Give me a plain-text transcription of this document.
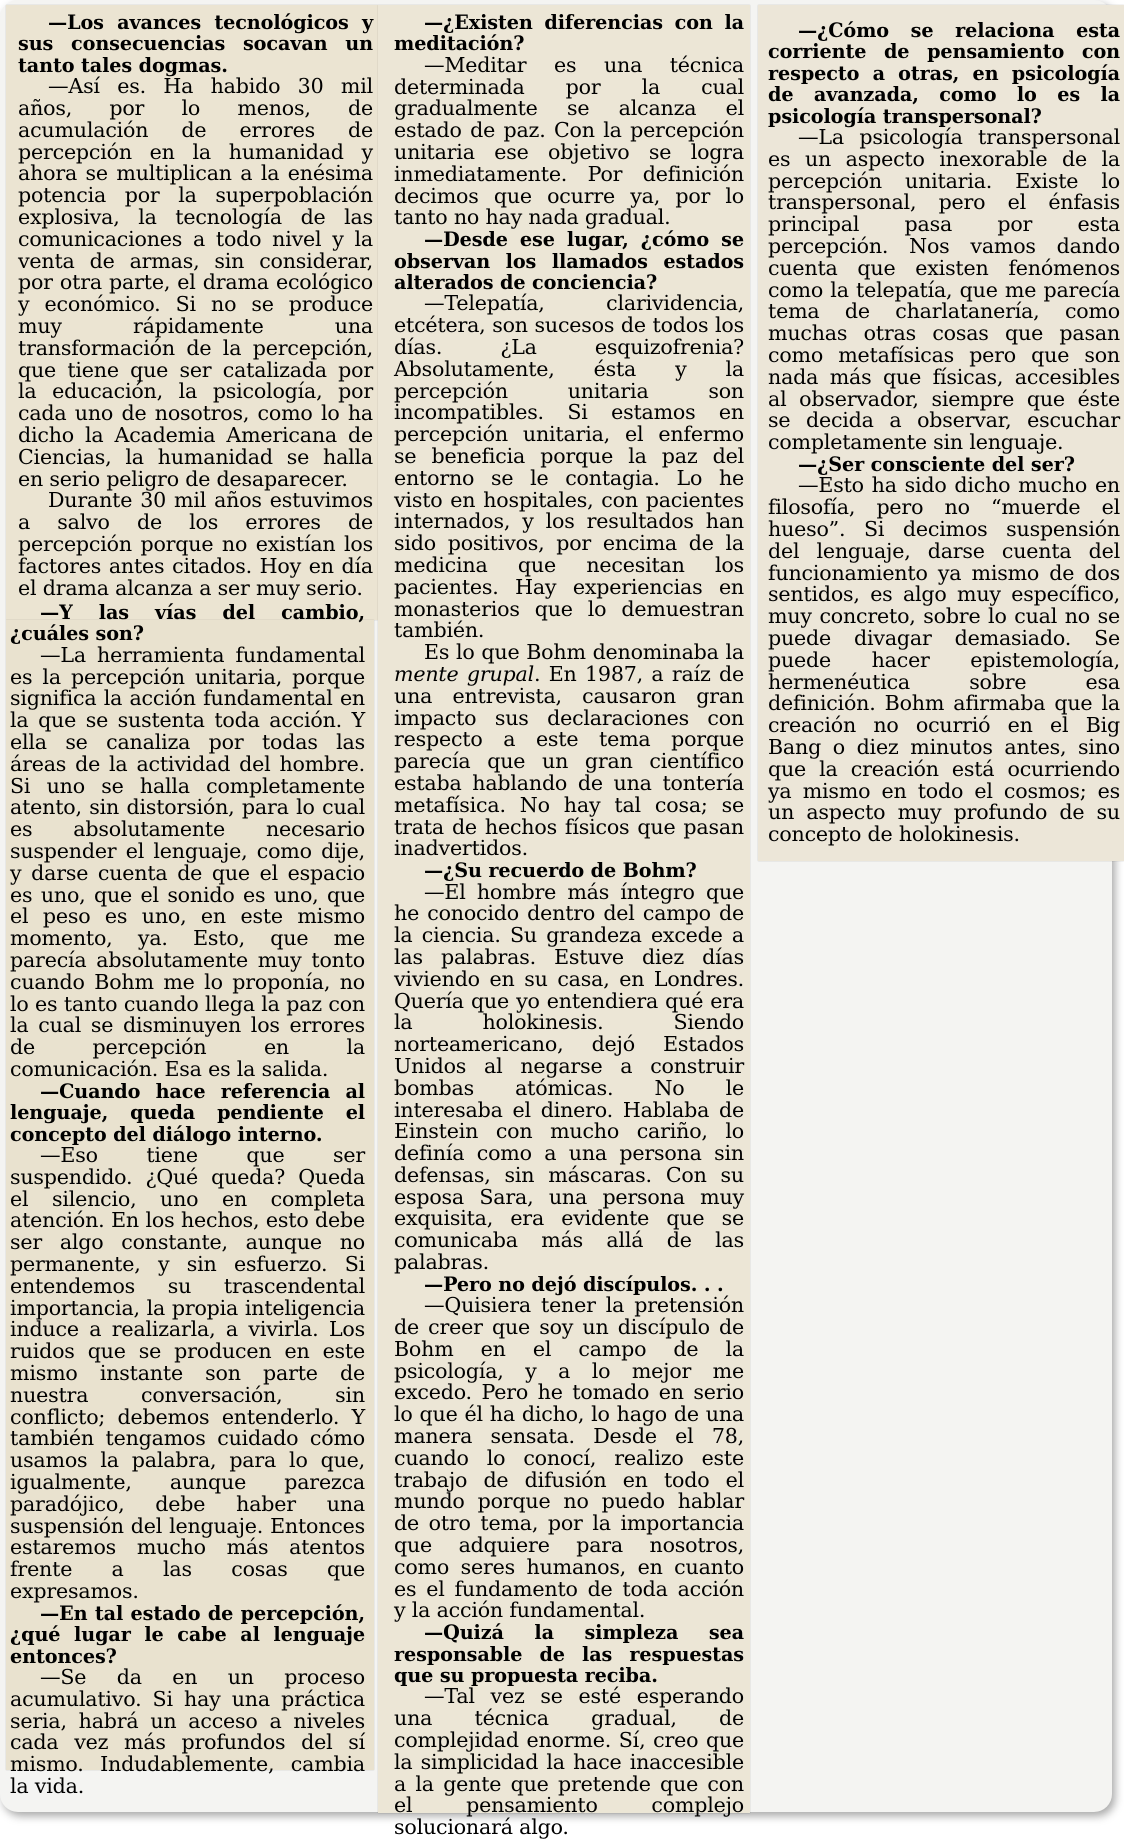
—Los avances tecnológicos y sus consecuencias socavan un tanto tales dogmas.

—Así es. Ha habido 30 mil años, por lo menos, de acumulación de errores de percepción en la humanidad y ahora se multiplican a la enésima potencia por la superpoblación explosiva, la tecnología de las comunicaciones a todo nivel y la venta de armas, sin considerar, por otra parte, el drama ecológico y económico. Si no se produce muy rápidamente una transformación de la percepción, que tiene que ser catalizada por la educación, la psicología, por cada uno de nosotros, como lo ha dicho la Academia Americana de Ciencias, la humanidad se halla en serio peligro de desaparecer.

Durante 30 mil años estuvimos a salvo de los errores de percepción porque no existían los factores antes citados. Hoy en día el drama alcanza a ser muy serio.

—Y las vías del cambio, ¿cuáles son?

—La herramienta fundamental es la percepción unitaria, porque significa la acción fundamental en la que se sustenta toda acción. Y ella se canaliza por todas las áreas de la actividad del hombre. Si uno se halla completamente atento, sin distorsión, para lo cual es absolutamente necesario suspender el lenguaje, como dije, y darse cuenta de que el espacio es uno, que el sonido es uno, que el peso es uno, en este mismo momento, ya. Esto, que me parecía absolutamente muy tonto cuando Bohm me lo proponía, no lo es tanto cuando llega la paz con la cual se disminuyen los errores de percepción en la comunicación. Esa es la salida.

—Cuando hace referencia al lenguaje, queda pendiente el concepto del diálogo interno.

—Eso tiene que ser suspendido. ¿Qué queda? Queda el silencio, uno en completa atención. En los hechos, esto debe ser algo constante, aunque no permanente, y sin esfuerzo. Si entendemos su trascendental importancia, la propia inteligencia induce a realizarla, a vivirla. Los ruidos que se producen en este mismo instante son parte de nuestra conversación, sin conflicto; debemos entenderlo. Y también tengamos cuidado cómo usamos la palabra, para lo que, igualmente, aunque parezca paradójico, debe haber una suspensión del lenguaje. Entonces estaremos mucho más atentos frente a las cosas que expresamos.

—En tal estado de percepción, ¿qué lugar le cabe al lenguaje entonces?

—Se da en un proceso acumulativo. Si hay una práctica seria, habrá un acceso a niveles cada vez más profundos del sí mismo. Indudablemente, cambia la vida.

—¿Existen diferencias con la meditación?

—Meditar es una técnica determinada por la cual gradualmente se alcanza el estado de paz. Con la percepción unitaria ese objetivo se logra inmediatamente. Por definición decimos que ocurre ya, por lo tanto no hay nada gradual.

—Desde ese lugar, ¿cómo se observan los llamados estados alterados de conciencia?

—Telepatía, clarividencia, etcétera, son sucesos de todos los días. ¿La esquizofrenia? Absolutamente, ésta y la percepción unitaria son incompatibles. Si estamos en percepción unitaria, el enfermo se beneficia porque la paz del entorno se le contagia. Lo he visto en hospitales, con pacientes internados, y los resultados han sido positivos, por encima de la medicina que necesitan los pacientes. Hay experiencias en monasterios que lo demuestran también.

Es lo que Bohm denominaba la mente grupal. En 1987, a raíz de una entrevista, causaron gran impacto sus declaraciones con respecto a este tema porque parecía que un gran científico estaba hablando de una tontería metafísica. No hay tal cosa; se trata de hechos físicos que pasan inadvertidos.

—¿Su recuerdo de Bohm?

—El hombre más íntegro que he conocido dentro del campo de la ciencia. Su grandeza excede a las palabras. Estuve diez días viviendo en su casa, en Londres. Quería que yo entendiera qué era la holokinesis. Siendo norteamericano, dejó Estados Unidos al negarse a construir bombas atómicas. No le interesaba el dinero. Hablaba de Einstein con mucho cariño, lo definía como a una persona sin defensas, sin máscaras. Con su esposa Sara, una persona muy exquisita, era evidente que se comunicaba más allá de las palabras.

—Pero no dejó discípulos. . .

—Quisiera tener la pretensión de creer que soy un discípulo de Bohm en el campo de la psicología, y a lo mejor me excedo. Pero he tomado en serio lo que él ha dicho, lo hago de una manera sensata. Desde el 78, cuando lo conocí, realizo este trabajo de difusión en todo el mundo porque no puedo hablar de otro tema, por la importancia que adquiere para nosotros, como seres humanos, en cuanto es el fundamento de toda acción y la acción fundamental.

—Quizá la simpleza sea responsable de las respuestas que su propuesta reciba.

—Tal vez se esté esperando una técnica gradual, de complejidad enorme. Sí, creo que la simplicidad la hace inaccesible a la gente que pretende que con el pensamiento complejo solucionará algo.

—¿Cómo se relaciona esta corriente de pensamiento con respecto a otras, en psicología de avanzada, como lo es la psicología transpersonal?

—La psicología transpersonal es un aspecto inexorable de la percepción unitaria. Existe lo transpersonal, pero el énfasis principal pasa por esta percepción. Nos vamos dando cuenta que existen fenómenos como la telepatía, que me parecía tema de charlatanería, como muchas otras cosas que pasan como metafísicas pero que son nada más que físicas, accesibles al observador, siempre que éste se decida a observar, escuchar completamente sin lenguaje.

—¿Ser consciente del ser?

—Esto ha sido dicho mucho en filosofía, pero no “muerde el hueso”. Si decimos suspensión del lenguaje, darse cuenta del funcionamiento ya mismo de dos sentidos, es algo muy específico, muy concreto, sobre lo cual no se puede divagar demasiado. Se puede hacer epistemología, hermenéutica sobre esa definición. Bohm afirmaba que la creación no ocurrió en el Big Bang o diez minutos antes, sino que la creación está ocurriendo ya mismo en todo el cosmos; es un aspecto muy profundo de su concepto de holokinesis.
